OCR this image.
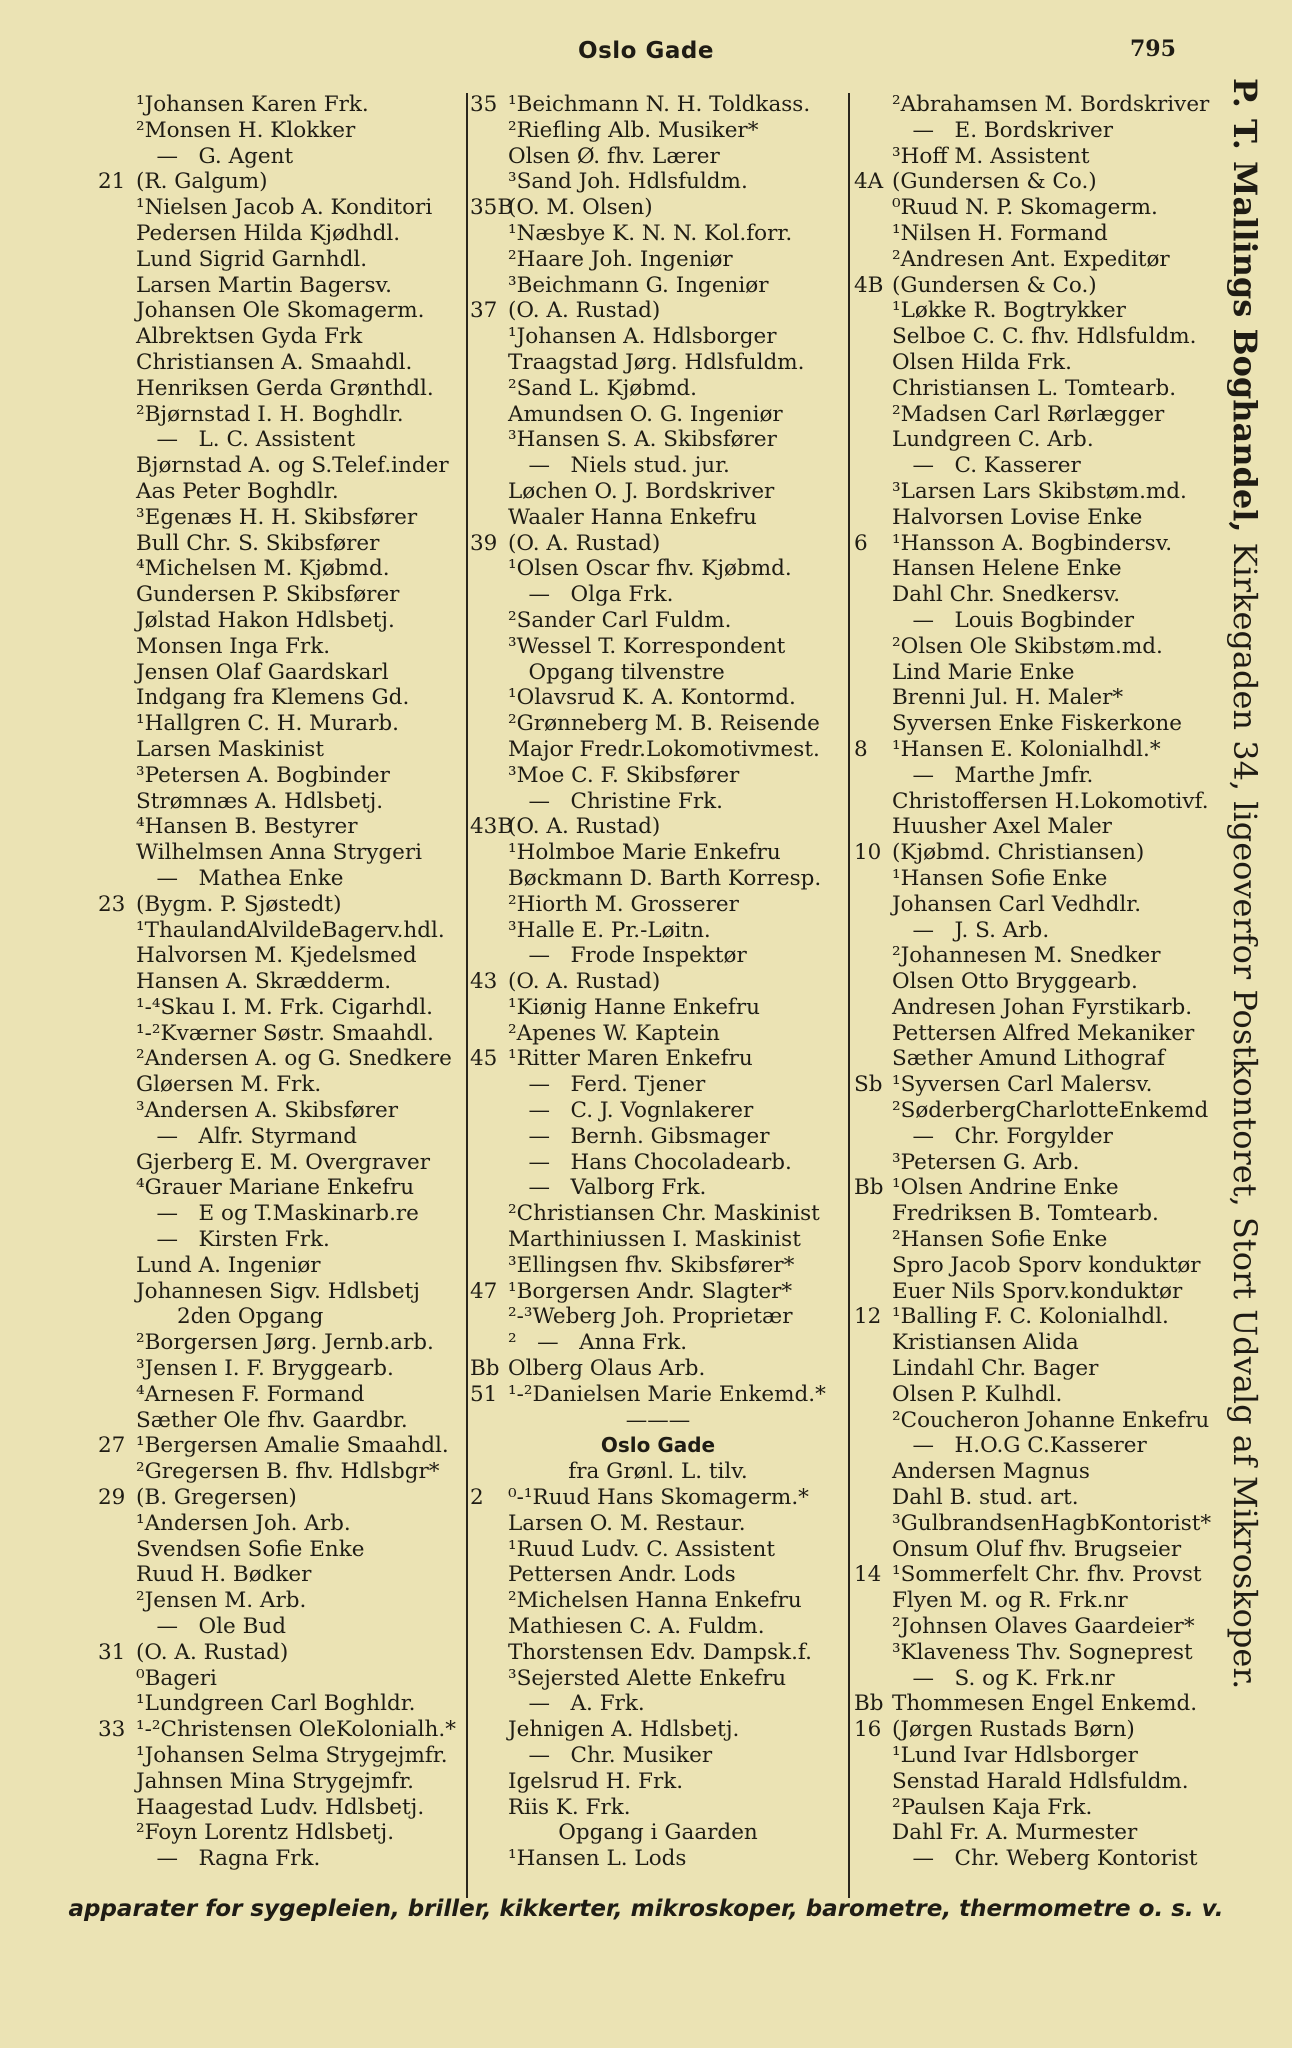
Oslo Gade	795
¹Johansen Karen Frk.
²Monsen H. Klokker
—   G. Agent
21 (R. Galgum)
¹Nielsen Jacob A. Konditori
Pedersen Hilda Kjødhdl.
Lund Sigrid Garnhdl.
Larsen Martin Bagersv.
Johansen Ole Skomagerm.
Albrektsen Gyda Frk
Christiansen A. Smaahdl.
Henriksen Gerda Grønthdl.
²Bjørnstad I. H. Boghdlr.
—   L. C. Assistent
Bjørnstad A. og S.Telef.inder
Aas Peter Boghdlr.
³Egenæs H. H. Skibsfører
Bull Chr. S. Skibsfører
⁴Michelsen M. Kjøbmd.
Gundersen P. Skibsfører
Jølstad Hakon Hdlsbetj.
Monsen Inga Frk.
Jensen Olaf Gaardskarl
Indgang fra Klemens Gd.
¹Hallgren C. H. Murarb.
Larsen Maskinist
³Petersen A. Bogbinder
Strømnæs A. Hdlsbetj.
⁴Hansen B. Bestyrer
Wilhelmsen Anna Strygeri
—   Mathea Enke
23 (Bygm. P. Sjøstedt)
¹ThaulandAlvildeBagerv.hdl.
Halvorsen M. Kjedelsmed
Hansen A. Skrædderm.
¹-⁴Skau I. M. Frk. Cigarhdl.
¹-²Kværner Søstr. Smaahdl.
²Andersen A. og G. Snedkere
Gløersen M. Frk.
³Andersen A. Skibsfører
—   Alfr. Styrmand
Gjerberg E. M. Overgraver
⁴Grauer Mariane Enkefru
—   E og T.Maskinarb.re
—   Kirsten Frk.
Lund A. Ingeniør
Johannesen Sigv. Hdlsbetj
2den Opgang
²Borgersen Jørg. Jernb.arb.
³Jensen I. F. Bryggearb.
⁴Arnesen F. Formand
Sæther Ole fhv. Gaardbr.
27 ¹Bergersen Amalie Smaahdl.
²Gregersen B. fhv. Hdlsbgr*
29 (B. Gregersen)
¹Andersen Joh. Arb.
Svendsen Sofie Enke
Ruud H. Bødker
²Jensen M. Arb.
—   Ole Bud
31 (O. A. Rustad)
⁰Bageri
¹Lundgreen Carl Boghldr.
33 ¹-²Christensen OleKolonialh.*
¹Johansen Selma Strygejmfr.
Jahnsen Mina Strygejmfr.
Haagestad Ludv. Hdlsbetj.
²Foyn Lorentz Hdlsbetj.
—   Ragna Frk.
35 ¹Beichmann N. H. Toldkass.
²Riefling Alb. Musiker*
Olsen Ø. fhv. Lærer
³Sand Joh. Hdlsfuldm.
35B(O. M. Olsen)
¹Næsbye K. N. N. Kol.forr.
²Haare Joh. Ingeniør
³Beichmann G. Ingeniør
37 (O. A. Rustad)
¹Johansen A. Hdlsborger
Traagstad Jørg. Hdlsfuldm.
²Sand L. Kjøbmd.
Amundsen O. G. Ingeniør
³Hansen S. A. Skibsfører
—   Niels stud. jur.
Løchen O. J. Bordskriver
Waaler Hanna Enkefru
39 (O. A. Rustad)
¹Olsen Oscar fhv. Kjøbmd.
—   Olga Frk.
²Sander Carl Fuldm.
³Wessel T. Korrespondent
Opgang tilvenstre
¹Olavsrud K. A. Kontormd.
²Grønneberg M. B. Reisende
Major Fredr.Lokomotivmest.
³Moe C. F. Skibsfører
—   Christine Frk.
43B(O. A. Rustad)
¹Holmboe Marie Enkefru
Bøckmann D. Barth Korresp.
²Hiorth M. Grosserer
³Halle E. Pr.-Løitn.
—   Frode Inspektør
43 (O. A. Rustad)
¹Kiønig Hanne Enkefru
²Apenes W. Kaptein
45 ¹Ritter Maren Enkefru
—   Ferd. Tjener
—   C. J. Vognlakerer
—   Bernh. Gibsmager
—   Hans Chocoladearb.
—   Valborg Frk.
²Christiansen Chr. Maskinist
Marthiniussen I. Maskinist
³Ellingsen fhv. Skibsfører*
47 ¹Borgersen Andr. Slagter*
²-³Weberg Joh. Proprietær
²   —   Anna Frk.
Bb Olberg Olaus Arb.
51 ¹-²Danielsen Marie Enkemd.*
———
Oslo Gade
fra Grønl. L. tilv.
2 ⁰-¹Ruud Hans Skomagerm.*
Larsen O. M. Restaur.
¹Ruud Ludv. C. Assistent
Pettersen Andr. Lods
²Michelsen Hanna Enkefru
Mathiesen C. A. Fuldm.
Thorstensen Edv. Dampsk.f.
³Sejersted Alette Enkefru
—   A. Frk.
Jehnigen A. Hdlsbetj.
—   Chr. Musiker
Igelsrud H. Frk.
Riis K. Frk.
Opgang i Gaarden
¹Hansen L. Lods
²Abrahamsen M. Bordskriver
—   E. Bordskriver
³Hoff M. Assistent
4A (Gundersen & Co.)
⁰Ruud N. P. Skomagerm.
¹Nilsen H. Formand
²Andresen Ant. Expeditør
4B (Gundersen & Co.)
¹Løkke R. Bogtrykker
Selboe C. C. fhv. Hdlsfuldm.
Olsen Hilda Frk.
Christiansen L. Tomtearb.
²Madsen Carl Rørlægger
Lundgreen C. Arb.
—   C. Kasserer
³Larsen Lars Skibstøm.md.
Halvorsen Lovise Enke
6 ¹Hansson A. Bogbindersv.
Hansen Helene Enke
Dahl Chr. Snedkersv.
—   Louis Bogbinder
²Olsen Ole Skibstøm.md.
Lind Marie Enke
Brenni Jul. H. Maler*
Syversen Enke Fiskerkone
8 ¹Hansen E. Kolonialhdl.*
—   Marthe Jmfr.
Christoffersen H.Lokomotivf.
Huusher Axel Maler
10 (Kjøbmd. Christiansen)
¹Hansen Sofie Enke
Johansen Carl Vedhdlr.
—   J. S. Arb.
²Johannesen M. Snedker
Olsen Otto Bryggearb.
Andresen Johan Fyrstikarb.
Pettersen Alfred Mekaniker
Sæther Amund Lithograf
Sb ¹Syversen Carl Malersv.
²SøderbergCharlotteEnkemd
—   Chr. Forgylder
³Petersen G. Arb.
Bb ¹Olsen Andrine Enke
Fredriksen B. Tomtearb.
²Hansen Sofie Enke
Spro Jacob Sporv konduktør
Euer Nils Sporv.konduktør
12 ¹Balling F. C. Kolonialhdl.
Kristiansen Alida
Lindahl Chr. Bager
Olsen P. Kulhdl.
²Coucheron Johanne Enkefru
—   H.O.G C.Kasserer
Andersen Magnus
Dahl B. stud. art.
³GulbrandsenHagbKontorist*
Onsum Oluf fhv. Brugseier
14 ¹Sommerfelt Chr. fhv. Provst
Flyen M. og R. Frk.nr
²Johnsen Olaves Gaardeier*
³Klaveness Thv. Sogneprest
—   S. og K. Frk.nr
Bb Thommesen Engel Enkemd.
16 (Jørgen Rustads Børn)
¹Lund Ivar Hdlsborger
Senstad Harald Hdlsfuldm.
²Paulsen Kaja Frk.
Dahl Fr. A. Murmester
—   Chr. Weberg Kontorist
P. T. Mallings Boghandel, Kirkegaden 34, ligeoverfor Postkontoret, Stort Udvalg af Mikroskoper.
apparater for sygepleien, briller, kikkerter, mikroskoper, barometre, thermometre o. s. v.
